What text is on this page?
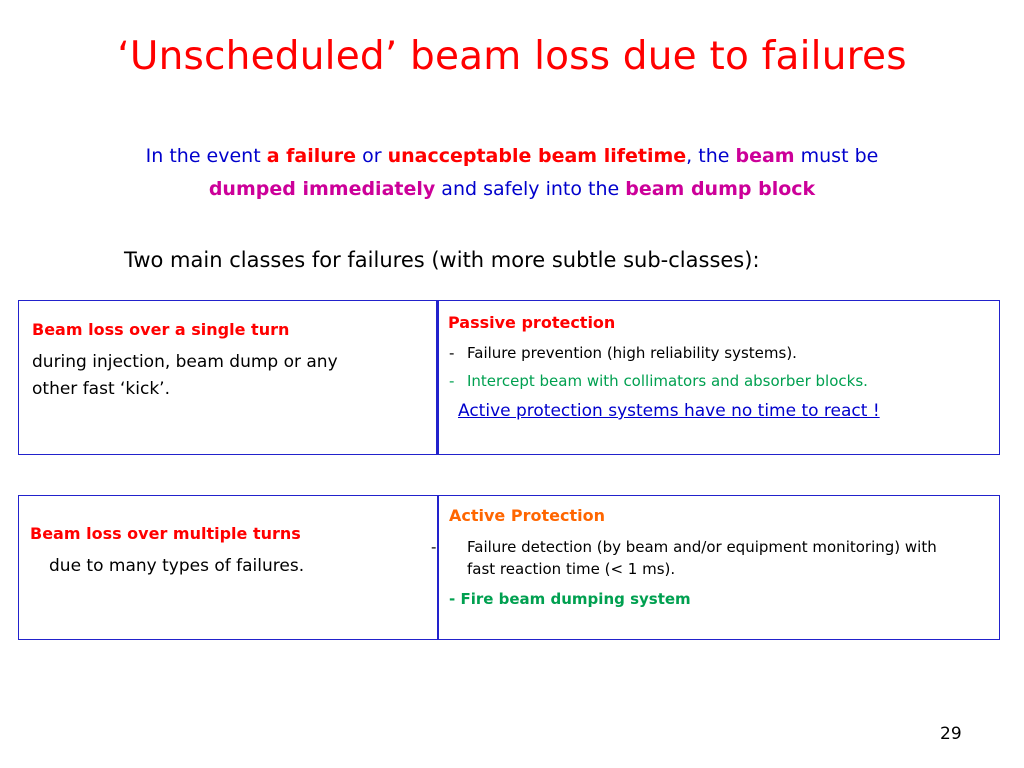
‘Unscheduled’ beam loss due to failures
In the event a failure or unacceptable beam lifetime, the beam must be
dumped immediately and safely into the beam dump block
Two main classes for failures (with more subtle sub-classes):
Beam loss over a single turn
during injection, beam dump or any
other fast ‘kick’.
Passive protection
- Failure prevention (high reliability systems).
- Intercept beam with collimators and absorber blocks.
Active protection systems have no time to react !
Beam loss over multiple turns
due to many types of failures.
Active Protection
- Failure detection (by beam and/or equipment monitoring) with fast reaction time (< 1 ms).
- Fire beam dumping system
29
